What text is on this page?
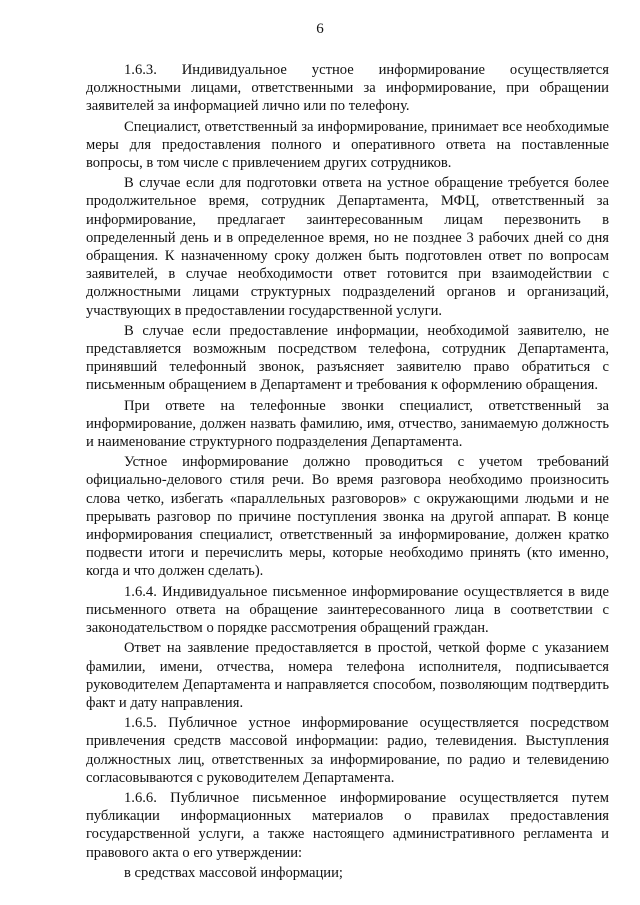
6

1.6.3. Индивидуальное устное информирование осуществляется должностными лицами, ответственными за информирование, при обращении заявителей за информацией лично или по телефону.

Специалист, ответственный за информирование, принимает все необходимые меры для предоставления полного и оперативного ответа на поставленные вопросы, в том числе с привлечением других сотрудников.

В случае если для подготовки ответа на устное обращение требуется более продолжительное время, сотрудник Департамента, МФЦ, ответственный за информирование, предлагает заинтересованным лицам перезвонить в определенный день и в определенное время, но не позднее 3 рабочих дней со дня обращения. К назначенному сроку должен быть подготовлен ответ по вопросам заявителей, в случае необходимости ответ готовится при взаимодействии с должностными лицами структурных подразделений органов и организаций, участвующих в предоставлении государственной услуги.

В случае если предоставление информации, необходимой заявителю, не представляется возможным посредством телефона, сотрудник Департамента, принявший телефонный звонок, разъясняет заявителю право обратиться с письменным обращением в Департамент и требования к оформлению обращения.

При ответе на телефонные звонки специалист, ответственный за информирование, должен назвать фамилию, имя, отчество, занимаемую должность и наименование структурного подразделения Департамента.

Устное информирование должно проводиться с учетом требований официально-делового стиля речи. Во время разговора необходимо произносить слова четко, избегать «параллельных разговоров» с окружающими людьми и не прерывать разговор по причине поступления звонка на другой аппарат. В конце информирования специалист, ответственный за информирование, должен кратко подвести итоги и перечислить меры, которые необходимо принять (кто именно, когда и что должен сделать).

1.6.4. Индивидуальное письменное информирование осуществляется в виде письменного ответа на обращение заинтересованного лица в соответствии с законодательством о порядке рассмотрения обращений граждан.

Ответ на заявление предоставляется в простой, четкой форме с указанием фамилии, имени, отчества, номера телефона исполнителя, подписывается руководителем Департамента и направляется способом, позволяющим подтвердить факт и дату направления.

1.6.5. Публичное устное информирование осуществляется посредством привлечения средств массовой информации: радио, телевидения. Выступления должностных лиц, ответственных за информирование, по радио и телевидению согласовываются с руководителем Департамента.

1.6.6. Публичное письменное информирование осуществляется путем публикации информационных материалов о правилах предоставления государственной услуги, а также настоящего административного регламента и правового акта о его утверждении:

в средствах массовой информации;
